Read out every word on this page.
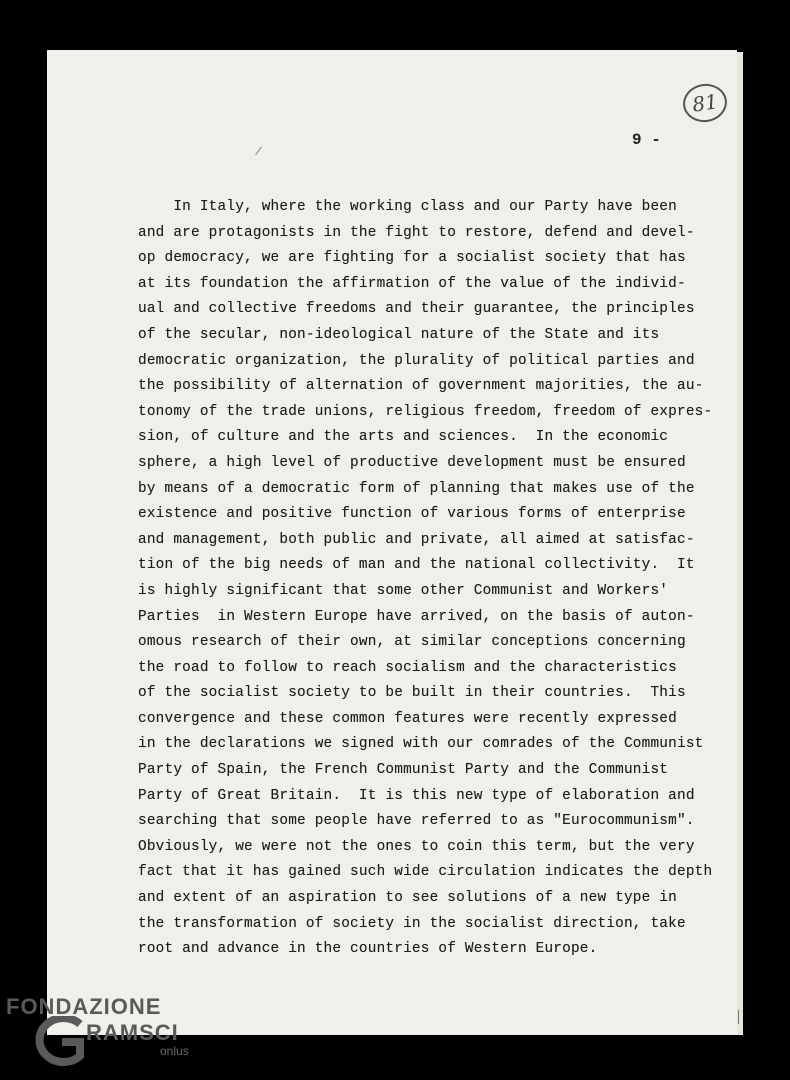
81
9 -
In Italy, where the working class and our Party have been
and are protagonists in the fight to restore, defend and devel-
op democracy, we are fighting for a socialist society that has
at its foundation the affirmation of the value of the individ-
ual and collective freedoms and their guarantee, the principles
of the secular, non-ideological nature of the State and its
democratic organization, the plurality of political parties and
the possibility of alternation of government majorities, the au-
tonomy of the trade unions, religious freedom, freedom of expres-
sion, of culture and the arts and sciences.  In the economic
sphere, a high level of productive development must be ensured
by means of a democratic form of planning that makes use of the
existence and positive function of various forms of enterprise
and management, both public and private, all aimed at satisfac-
tion of the big needs of man and the national collectivity.  It
is highly significant that some other Communist and Workers'
Parties  in Western Europe have arrived, on the basis of auton-
omous research of their own, at similar conceptions concerning
the road to follow to reach socialism and the characteristics
of the socialist society to be built in their countries.  This
convergence and these common features were recently expressed
in the declarations we signed with our comrades of the Communist
Party of Spain, the French Communist Party and the Communist
Party of Great Britain.  It is this new type of elaboration and
searching that some people have referred to as "Eurocommunism".
Obviously, we were not the ones to coin this term, but the very
fact that it has gained such wide circulation indicates the depth
and extent of an aspiration to see solutions of a new type in
the transformation of society in the socialist direction, take
root and advance in the countries of Western Europe.
FONDAZIONE
RAMSCI
onlus
